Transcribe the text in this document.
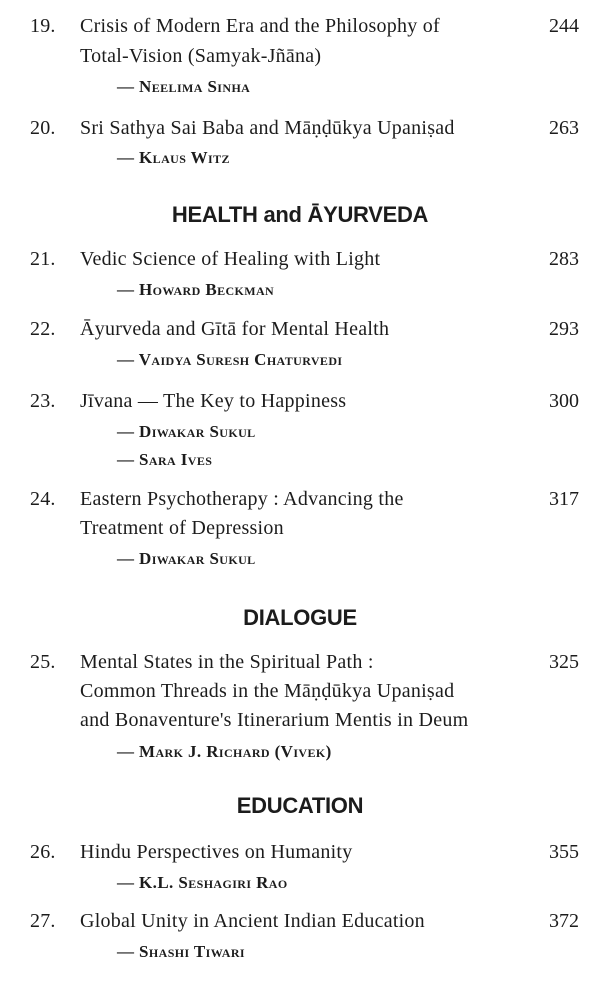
19. Crisis of Modern Era and the Philosophy of
Total-Vision (Samyak-Jñāna)
— Neelima Sinha
244
20. Sri Sathya Sai Baba and Māṇḍūkya Upaniṣad
— Klaus Witz
263
HEALTH and ĀYURVEDA
21. Vedic Science of Healing with Light
— Howard Beckman
283
22. Āyurveda and Gītā for Mental Health
— Vaidya Suresh Chaturvedi
293
23. Jīvana — The Key to Happiness
— Diwakar Sukul
— Sara Ives
300
24. Eastern Psychotherapy : Advancing the
Treatment of Depression
— Diwakar Sukul
317
DIALOGUE
25. Mental States in the Spiritual Path :
Common Threads in the Māṇḍūkya Upaniṣad
and Bonaventure's Itinerarium Mentis in Deum
— Mark J. Richard (Vivek)
325
EDUCATION
26. Hindu Perspectives on Humanity
— K.L. Seshagiri Rao
355
27. Global Unity in Ancient Indian Education
— Shashi Tiwari
372
